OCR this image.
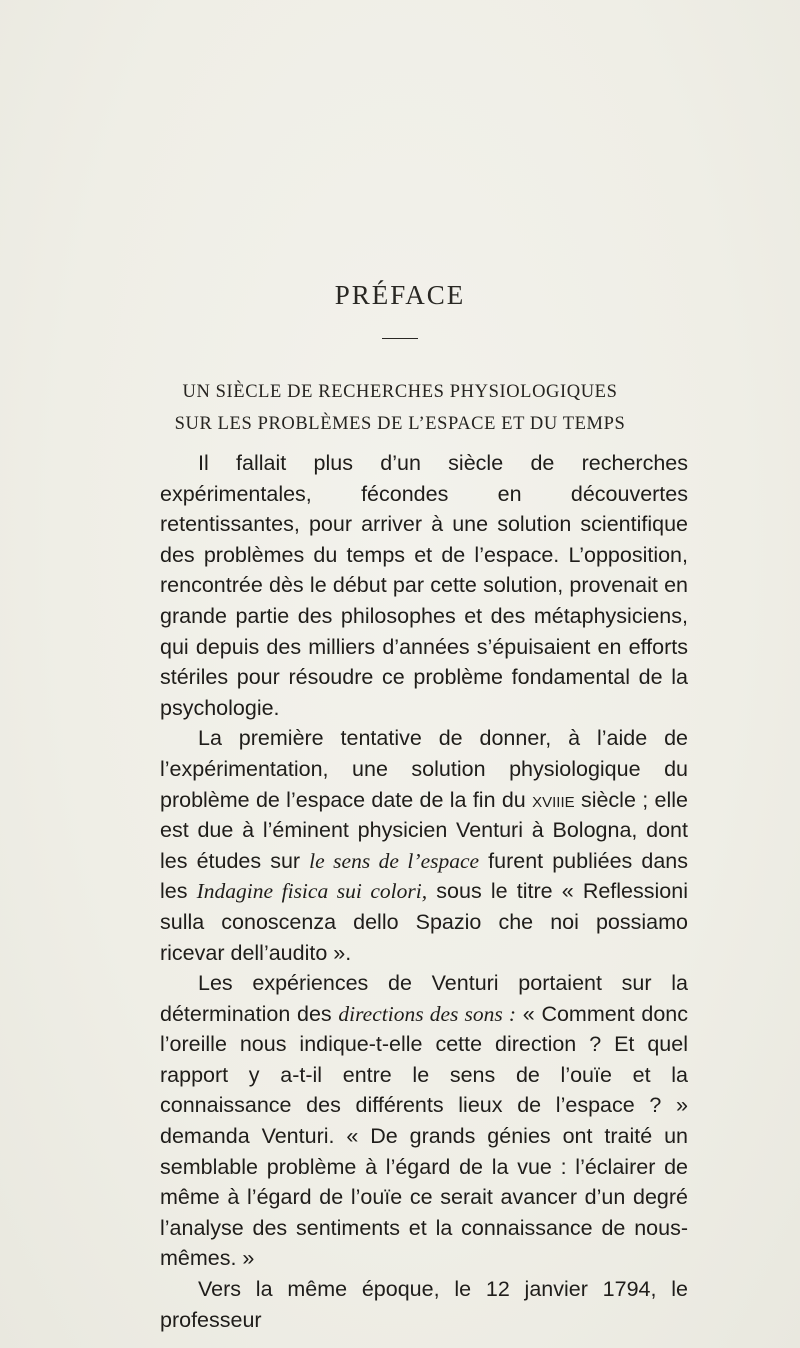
PRÉFACE
UN SIÈCLE DE RECHERCHES PHYSIOLOGIQUES
SUR LES PROBLÈMES DE L’ESPACE ET DU TEMPS

Il fallait plus d’un siècle de recherches expérimentales, fécondes en découvertes retentissantes, pour arriver à une solution scientifique des problèmes du temps et de l’espace. L’opposition, rencontrée dès le début par cette solution, provenait en grande partie des philosophes et des métaphysiciens, qui depuis des milliers d’années s’épuisaient en efforts stériles pour résoudre ce problème fondamental de la psychologie.

La première tentative de donner, à l’aide de l’expérimentation, une solution physiologique du problème de l’espace date de la fin du xviiie siècle ; elle est due à l’éminent physicien Venturi à Bologna, dont les études sur le sens de l’espace furent publiées dans les Indagine fisica sui colori, sous le titre « Reflessioni sulla conoscenza dello Spazio che noi possiamo ricevar dell’audito ».

Les expériences de Venturi portaient sur la détermination des directions des sons : « Comment donc l’oreille nous indique-t-elle cette direction ? Et quel rapport y a-t-il entre le sens de l’ouïe et la connaissance des différents lieux de l’espace ? » demanda Venturi. « De grands génies ont traité un semblable problème à l’égard de la vue : l’éclairer de même à l’égard de l’ouïe ce serait avancer d’un degré l’analyse des sentiments et la connaissance de nous-mêmes. »

Vers la même époque, le 12 janvier 1794, le professeur
